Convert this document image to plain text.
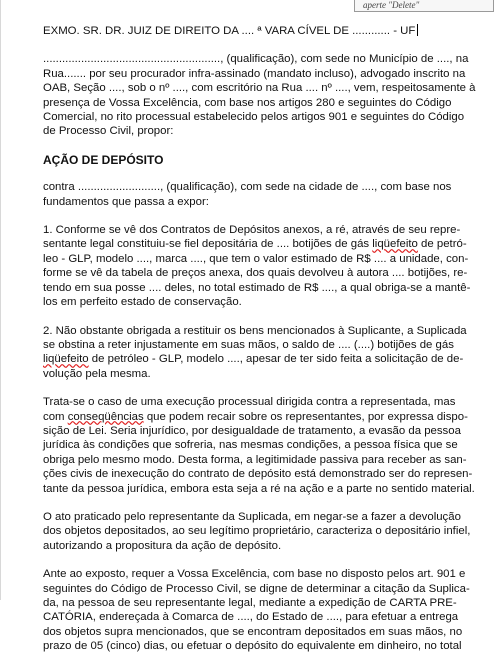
aperte "Delete"
EXMO. SR. DR. JUIZ DE DIREITO DA .... ª VARA CÍVEL DE ............ - UF
........................................................, (qualificação), com sede no Município de ...., na
Rua....... por seu procurador infra-assinado (mandato incluso), advogado inscrito na
OAB, Seção ...., sob o nº ...., com escritório na Rua .... nº ...., vem, respeitosamente à
presença de Vossa Excelência, com base nos artigos 280 e seguintes do Código
Comercial, no rito processual estabelecido pelos artigos 901 e seguintes do Código
de Processo Civil, propor:
AÇÃO DE DEPÓSITO
contra .........................., (qualificação), com sede na cidade de ...., com base nos
fundamentos que passa a expor:
1. Conforme se vê dos Contratos de Depósitos anexos, a ré, através de seu repre-
sentante legal constituiu-se fiel depositária de .... botijões de gás liqüefeito de petró-
leo - GLP, modelo ...., marca ...., que tem o valor estimado de R$ .... a unidade, con-
forme se vê da tabela de preços anexa, dos quais devolveu à autora .... botijões, re-
tendo em sua posse .... deles, no total estimado de R$ ...., a qual obriga-se a mantê-
los em perfeito estado de conservação.
2. Não obstante obrigada a restituir os bens mencionados à Suplicante, a Suplicada
se obstina a reter injustamente em suas mãos, o saldo de .... (....) botijões de gás
liqüefeito de petróleo - GLP, modelo ...., apesar de ter sido feita a solicitação de de-
volução pela mesma.
Trata-se o caso de uma execução processual dirigida contra a representada, mas
com conseqüências que podem recair sobre os representantes, por expressa dispo-
sição de Lei. Seria injurídico, por desigualdade de tratamento, a evasão da pessoa
jurídica às condições que sofreria, nas mesmas condições, a pessoa física que se
obriga pelo mesmo modo. Desta forma, a legitimidade passiva para receber as san-
ções civis de inexecução do contrato de depósito está demonstrado ser do represen-
tante da pessoa jurídica, embora esta seja a ré na ação e a parte no sentido material.
O ato praticado pelo representante da Suplicada, em negar-se a fazer a devolução
dos objetos depositados, ao seu legítimo proprietário, caracteriza o depositário infiel,
autorizando a propositura da ação de depósito.
Ante ao exposto, requer a Vossa Excelência, com base no disposto pelos art. 901 e
seguintes do Código de Processo Civil, se digne de determinar a citação da Suplica-
da, na pessoa de seu representante legal, mediante a expedição de CARTA PRE-
CATÓRIA, endereçada à Comarca de ...., do Estado de ...., para efetuar a entrega
dos objetos supra mencionados, que se encontram depositados em suas mãos, no
prazo de 05 (cinco) dias, ou efetuar o depósito do equivalente em dinheiro, no total
